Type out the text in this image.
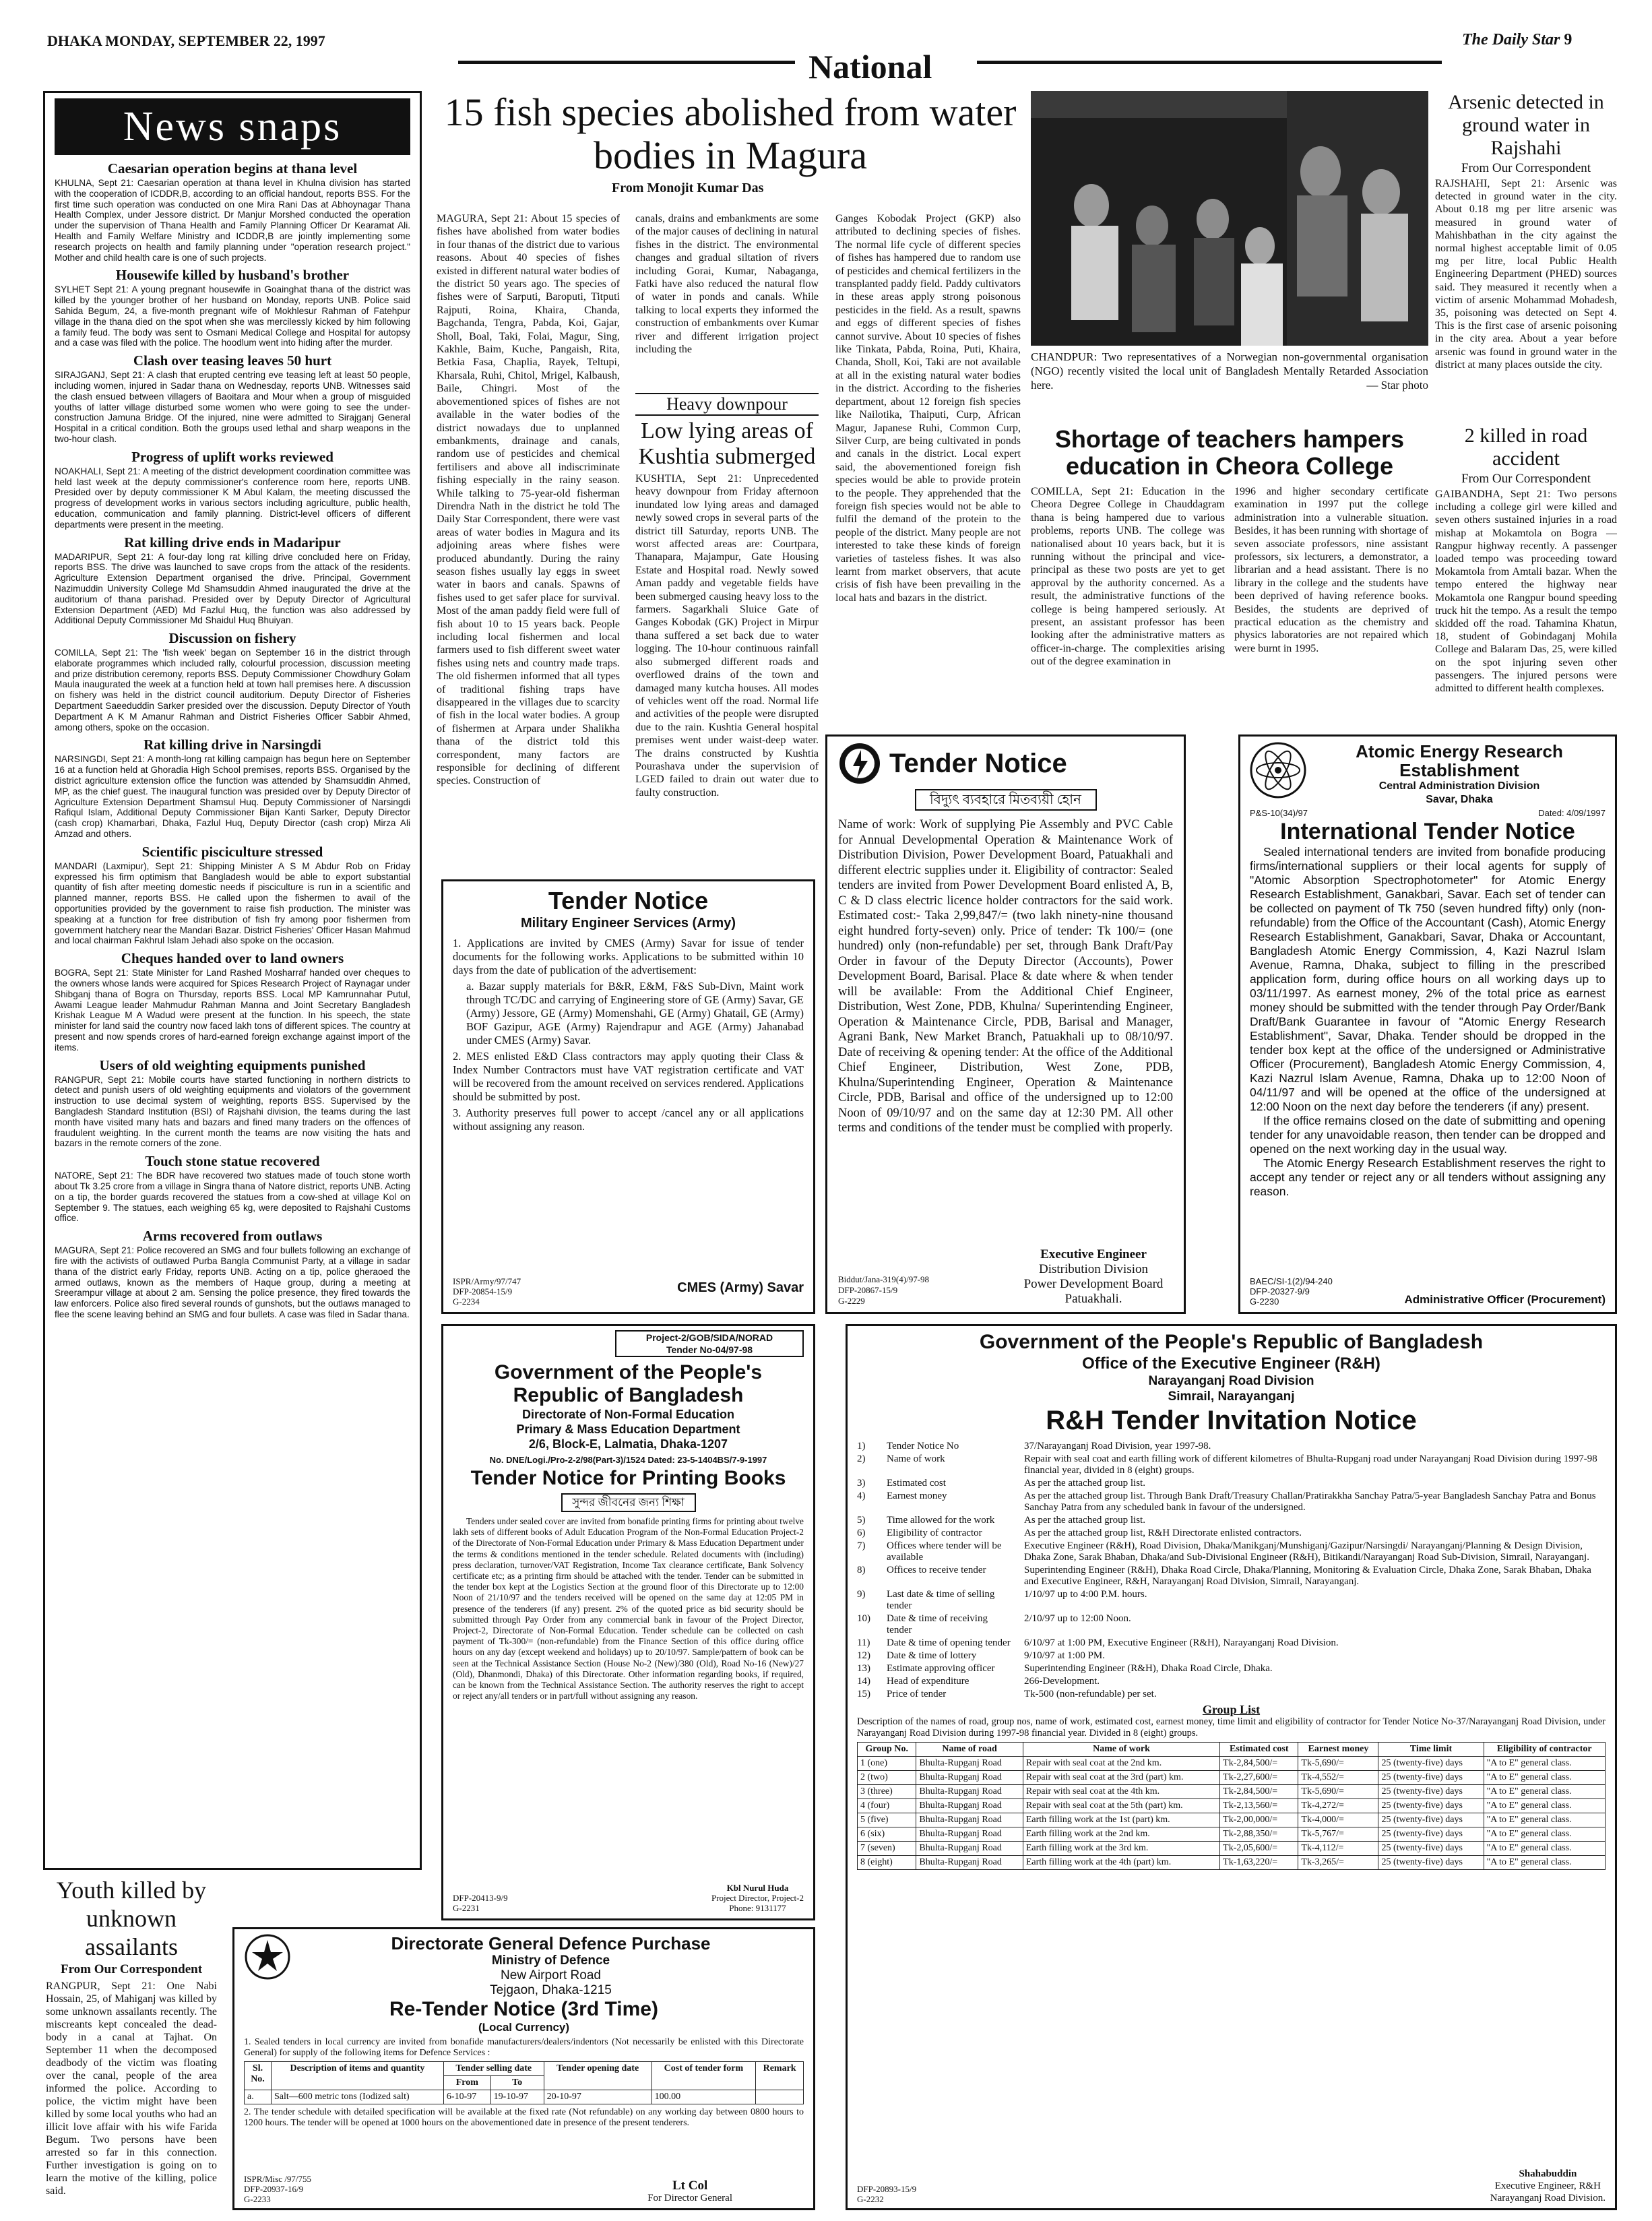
DHAKA MONDAY, SEPTEMBER 22, 1997
National
The Daily Star 9
News snaps
Caesarian operation begins at thana level
KHULNA, Sept 21: Caesarian operation at thana level in Khulna division has started with the cooperation of ICDDR,B, according to an official handout, reports BSS. For the first time such operation was conducted on one Mira Rani Das at Abhoynagar Thana Health Complex, under Jessore district. Dr Manjur Morshed conducted the operation under the supervision of Thana Health and Family Planning Officer Dr Kearamat Ali. Health and Family Welfare Ministry and ICDDR,B are jointly implementing some research projects on health and family planning under "operation research project." Mother and child health care is one of such projects.
Housewife killed by husband's brother
SYLHET Sept 21: A young pregnant housewife in Goainghat thana of the district was killed by the younger brother of her husband on Monday, reports UNB. Police said Sahida Begum, 24, a five-month pregnant wife of Mokhlesur Rahman of Fatehpur village in the thana died on the spot when she was mercilessly kicked by him following a family feud. The body was sent to Osmani Medical College and Hospital for autopsy and a case was filed with the police. The hoodlum went into hiding after the murder.
Clash over teasing leaves 50 hurt
SIRAJGANJ, Sept 21: A clash that erupted centring eve teasing left at least 50 people, including women, injured in Sadar thana on Wednesday, reports UNB. Witnesses said the clash ensued between villagers of Baoitara and Mour when a group of misguided youths of latter village disturbed some women who were going to see the under-construction Jamuna Bridge. Of the injured, nine were admitted to Sirajganj General Hospital in a critical condition. Both the groups used lethal and sharp weapons in the two-hour clash.
Progress of uplift works reviewed
NOAKHALI, Sept 21: A meeting of the district development coordination committee was held last week at the deputy commissioner's conference room here, reports UNB. Presided over by deputy commissioner K M Abul Kalam, the meeting discussed the progress of development works in various sectors including agriculture, public health, education, communication and family planning. District-level officers of different departments were present in the meeting.
Rat killing drive ends in Madaripur
MADARIPUR, Sept 21: A four-day long rat killing drive concluded here on Friday, reports BSS. The drive was launched to save crops from the attack of the residents. Agriculture Extension Department organised the drive. Principal, Government Nazimuddin University College Md Shamsuddin Ahmed inaugurated the drive at the auditorium of thana parishad. Presided over by Deputy Director of Agricultural Extension Department (AED) Md Fazlul Huq, the function was also addressed by Additional Deputy Commissioner Md Shaidul Huq Bhuiyan.
Discussion on fishery
COMILLA, Sept 21: The 'fish week' began on September 16 in the district through elaborate programmes which included rally, colourful procession, discussion meeting and prize distribution ceremony, reports BSS. Deputy Commissioner Chowdhury Golam Maula inaugurated the week at a function held at town hall premises here. A discussion on fishery was held in the district council auditorium. Deputy Director of Fisheries Department Saeeduddin Sarker presided over the discussion. Deputy Director of Youth Department A K M Amanur Rahman and District Fisheries Officer Sabbir Ahmed, among others, spoke on the occasion.
Rat killing drive in Narsingdi
NARSINGDI, Sept 21: A month-long rat killing campaign has begun here on September 16 at a function held at Ghoradia High School premises, reports BSS. Organised by the district agriculture extension office the function was attended by Shamsuddin Ahmed, MP, as the chief guest. The inaugural function was presided over by Deputy Director of Agriculture Extension Department Shamsul Huq. Deputy Commissioner of Narsingdi Rafiqul Islam, Additional Deputy Commissioner Bijan Kanti Sarker, Deputy Director (cash crop) Khamarbari, Dhaka, Fazlul Huq, Deputy Director (cash crop) Mirza Ali Amzad and others.
Scientific pisciculture stressed
MANDARI (Laxmipur), Sept 21: Shipping Minister A S M Abdur Rob on Friday expressed his firm optimism that Bangladesh would be able to export substantial quantity of fish after meeting domestic needs if pisciculture is run in a scientific and planned manner, reports BSS. He called upon the fishermen to avail of the opportunities provided by the government to raise fish production. The minister was speaking at a function for free distribution of fish fry among poor fishermen from government hatchery near the Mandari Bazar. District Fisheries' Officer Hasan Mahmud and local chairman Fakhrul Islam Jehadi also spoke on the occasion.
Cheques handed over to land owners
BOGRA, Sept 21: State Minister for Land Rashed Mosharraf handed over cheques to the owners whose lands were acquired for Spices Research Project of Raynagar under Shibganj thana of Bogra on Thursday, reports BSS. Local MP Kamrunnahar Putul, Awami League leader Mahmudur Rahman Manna and Joint Secretary Bangladesh Krishak League M A Wadud were present at the function. In his speech, the state minister for land said the country now faced lakh tons of different spices. The country at present and now spends crores of hard-earned foreign exchange against import of the items.
Users of old weighting equipments punished
RANGPUR, Sept 21: Mobile courts have started functioning in northern districts to detect and punish users of old weighting equipments and violators of the government instruction to use decimal system of weighting, reports BSS. Supervised by the Bangladesh Standard Institution (BSI) of Rajshahi division, the teams during the last month have visited many hats and bazars and fined many traders on the offences of fraudulent weighting. In the current month the teams are now visiting the hats and bazars in the remote corners of the zone.
Touch stone statue recovered
NATORE, Sept 21: The BDR have recovered two statues made of touch stone worth about Tk 3.25 crore from a village in Singra thana of Natore district, reports UNB. Acting on a tip, the border guards recovered the statues from a cow-shed at village Kol on September 9. The statues, each weighing 65 kg, were deposited to Rajshahi Customs office.
Arms recovered from outlaws
MAGURA, Sept 21: Police recovered an SMG and four bullets following an exchange of fire with the activists of outlawed Purba Bangla Communist Party, at a village in sadar thana of the district early Friday, reports UNB. Acting on a tip, police gheraoed the armed outlaws, known as the members of Haque group, during a meeting at Sreerampur village at about 2 am. Sensing the police presence, they fired towards the law enforcers. Police also fired several rounds of gunshots, but the outlaws managed to flee the scene leaving behind an SMG and four bullets. A case was filed in Sadar thana.
Youth killed by unknown assailants
From Our Correspondent
RANGPUR, Sept 21: One Nabi Hossain, 25, of Mahiganj was killed by some unknown assailants recently. The miscreants kept concealed the dead-body in a canal at Tajhat. On September 11 when the decomposed deadbody of the victim was floating over the canal, people of the area informed the police. According to police, the victim might have been killed by some local youths who had an illicit love affair with his wife Farida Begum. Two persons have been arrested so far in this connection. Further investigation is going on to learn the motive of the killing, police said.
15 fish species abolished from water bodies in Magura
From Monojit Kumar Das
MAGURA, Sept 21: About 15 species of fishes have abolished from water bodies in four thanas of the district due to various reasons. About 40 species of fishes existed in different natural water bodies of the district 50 years ago. The species of fishes were of Sarputi, Baroputi, Titputi Rajputi, Roina, Khaira, Chanda, Bagchanda, Tengra, Pabda, Koi, Gajar, Sholl, Boal, Taki, Folai, Magur, Sing, Kakhle, Baim, Kuche, Pangaish, Rita, Betkia Fasa, Chaplia, Rayek, Teltupi, Kharsala, Ruhi, Chitol, Mrigel, Kalbaush, Baile, Chingri. Most of the abovementioned spices of fishes are not available in the water bodies of the district nowadays due to unplanned embankments, drainage and canals, random use of pesticides and chemical fertilisers and above all indiscriminate fishing especially in the rainy season. While talking to 75-year-old fisherman Direndra Nath in the district he told The Daily Star Correspondent, there were vast areas of water bodies in Magura and its adjoining areas where fishes were produced abundantly. During the rainy season fishes usually lay eggs in sweet water in baors and canals. Spawns of fishes used to get safer place for survival. Most of the aman paddy field were full of fish about 10 to 15 years back. People including local fishermen and local farmers used to fish different sweet water fishes using nets and country made traps. The old fishermen informed that all types of traditional fishing traps have disappeared in the villages due to scarcity of fish in the local water bodies. A group of fishermen at Arpara under Shalikha thana of the district told this correspondent, many factors are responsible for declining of different species. Construction of
canals, drains and embankments are some of the major causes of declining in natural fishes in the district. The environmental changes and gradual siltation of rivers including Gorai, Kumar, Nabaganga, Fatki have also reduced the natural flow of water in ponds and canals. While talking to local experts they informed the construction of embankments over Kumar river and different irrigation project including the
Ganges Kobodak Project (GKP) also attributed to declining species of fishes. The normal life cycle of different species of fishes has hampered due to random use of pesticides and chemical fertilizers in the transplanted paddy field. Paddy cultivators in these areas apply strong poisonous pesticides in the field. As a result, spawns and eggs of different species of fishes cannot survive. About 10 species of fishes like Tinkata, Pabda, Roina, Puti, Khaira, Chanda, Sholl, Koi, Taki are not available at all in the existing natural water bodies in the district. According to the fisheries department, about 12 foreign fish species like Nailotika, Thaiputi, Curp, African Magur, Japanese Ruhi, Common Curp, Silver Curp, are being cultivated in ponds and canals in the district. Local expert said, the abovementioned foreign fish species would be able to provide protein to the people. They apprehended that the foreign fish species would not be able to fulfil the demand of the protein to the people of the district. Many people are not interested to take these kinds of foreign varieties of tasteless fishes. It was also learnt from market observers, that acute crisis of fish have been prevailing in the local hats and bazars in the district.
Heavy downpour
Low lying areas of Kushtia submerged
KUSHTIA, Sept 21: Unprecedented heavy downpour from Friday afternoon inundated low lying areas and damaged newly sowed crops in several parts of the district till Saturday, reports UNB. The worst affected areas are: Courtpara, Thanapara, Majampur, Gate Housing Estate and Hospital road. Newly sowed Aman paddy and vegetable fields have been submerged causing heavy loss to the farmers. Sagarkhali Sluice Gate of Ganges Kobodak (GK) Project in Mirpur thana suffered a set back due to water logging. The 10-hour continuous rainfall also submerged different roads and overflowed drains of the town and damaged many kutcha houses. All modes of vehicles went off the road. Normal life and activities of the people were disrupted due to the rain. Kushtia General hospital premises went under waist-deep water. The drains constructed by Kushtia Pourashava under the supervision of LGED failed to drain out water due to faulty construction.
CHANDPUR: Two representatives of a Norwegian non-governmental organisation (NGO) recently visited the local unit of Bangladesh Mentally Retarded Association here.	— Star photo
Shortage of teachers hampers education in Cheora College
COMILLA, Sept 21: Education in the Cheora Degree College in Chauddagram thana is being hampered due to various problems, reports UNB. The college was nationalised about 10 years back, but it is running without the principal and vice-principal as these two posts are yet to get approval by the authority concerned. As a result, the administrative functions of the college is being hampered seriously. At present, an assistant professor has been looking after the administrative matters as officer-in-charge. The complexities arising out of the degree examination in
1996 and higher secondary certificate examination in 1997 put the college administration into a vulnerable situation. Besides, it has been running with shortage of seven associate professors, nine assistant professors, six lecturers, a demonstrator, a librarian and a head assistant. There is no library in the college and the students have been deprived of having reference books. Besides, the students are deprived of practical education as the chemistry and physics laboratories are not repaired which were burnt in 1995.
Arsenic detected in ground water in Rajshahi
From Our Correspondent
RAJSHAHI, Sept 21: Arsenic was detected in ground water in the city. About 0.18 mg per litre arsenic was measured in ground water of Mahishbathan in the city against the normal highest acceptable limit of 0.05 mg per litre, local Public Health Engineering Department (PHED) sources said. They measured it recently when a victim of arsenic Mohammad Mohadesh, 35, poisoning was detected on Sept 4. This is the first case of arsenic poisoning in the city area. About a year before arsenic was found in ground water in the district at many places outside the city.
2 killed in road accident
From Our Correspondent
GAIBANDHA, Sept 21: Two persons including a college girl were killed and seven others sustained injuries in a road mishap at Mokamtola on Bogra — Rangpur highway recently. A passenger loaded tempo was proceeding toward Mokamtola from Amtali bazar. When the tempo entered the highway near Mokamtola one Rangpur bound speeding truck hit the tempo. As a result the tempo skidded off the road. Tahamina Khatun, 18, student of Gobindaganj Mohila College and Balaram Das, 25, were killed on the spot injuring seven other passengers. The injured persons were admitted to different health complexes.
Tender Notice
Military Engineer Services (Army)
1. Applications are invited by CMES (Army) Savar for issue of tender documents for the following works. Applications to be submitted within 10 days from the date of publication of the advertisement:
a. Bazar supply materials for B&R, E&M, F&S Sub-Divn, Maint work through TC/DC and carrying of Engineering store of GE (Army) Savar, GE (Army) Jessore, GE (Army) Momenshahi, GE (Army) Ghatail, GE (Army) BOF Gazipur, AGE (Army) Rajendrapur and AGE (Army) Jahanabad under CMES (Army) Savar.
2. MES enlisted E&D Class contractors may apply quoting their Class & Index Number Contractors must have VAT registration certificate and VAT will be recovered from the amount received on services rendered. Applications should be submitted by post.
3. Authority preserves full power to accept /cancel any or all applications without assigning any reason.
ISPR/Army/97/747
DFP-20854-15/9
G-2234
CMES (Army) Savar
Tender Notice
বিদ্যুৎ ব্যবহারে মিতব্যয়ী হোন
Name of work: Work of supplying Pie Assembly and PVC Cable for Annual Developmental Operation & Maintenance Work of Distribution Division, Power Development Board, Patuakhali and different electric supplies under it. Eligibility of contractor: Sealed tenders are invited from Power Development Board enlisted A, B, C & D class electric licence holder contractors for the said work. Estimated cost:- Taka 2,99,847/= (two lakh ninety-nine thousand eight hundred forty-seven) only. Price of tender: Tk 100/= (one hundred) only (non-refundable) per set, through Bank Draft/Pay Order in favour of the Deputy Director (Accounts), Power Development Board, Barisal. Place & date where & when tender will be available: From the Additional Chief Engineer, Distribution, West Zone, PDB, Khulna/ Superintending Engineer, Operation & Maintenance Circle, PDB, Barisal and Manager, Agrani Bank, New Market Branch, Patuakhali up to 08/10/97. Date of receiving & opening tender: At the office of the Additional Chief Engineer, Distribution, West Zone, PDB, Khulna/Superintending Engineer, Operation & Maintenance Circle, PDB, Barisal and office of the undersigned up to 12:00 Noon of 09/10/97 and on the same day at 12:30 PM. All other terms and conditions of the tender must be complied with properly.
Biddut/Jana-319(4)/97-98
DFP-20867-15/9
G-2229
Executive Engineer
Distribution Division
Power Development Board
Patuakhali.
Atomic Energy Research
Establishment
Central Administration Division
Savar, Dhaka
P&S-10(34)/97	Dated: 4/09/1997
International Tender Notice
Sealed international tenders are invited from bonafide producing firms/international suppliers or their local agents for supply of "Atomic Absorption Spectrophotometer" for Atomic Energy Research Establishment, Ganakbari, Savar. Each set of tender can be collected on payment of Tk 750 (seven hundred fifty) only (non-refundable) from the Office of the Accountant (Cash), Atomic Energy Research Establishment, Ganakbari, Savar, Dhaka or Accountant, Bangladesh Atomic Energy Commission, 4, Kazi Nazrul Islam Avenue, Ramna, Dhaka, subject to filling in the prescribed application form, during office hours on all working days up to 03/11/1997. As earnest money, 2% of the total price as earnest money should be submitted with the tender through Pay Order/Bank Draft/Bank Guarantee in favour of "Atomic Energy Research Establishment", Savar, Dhaka. Tender should be dropped in the tender box kept at the office of the undersigned or Administrative Officer (Procurement), Bangladesh Atomic Energy Commission, 4, Kazi Nazrul Islam Avenue, Ramna, Dhaka up to 12:00 Noon of 04/11/97 and will be opened at the office of the undersigned at 12:00 Noon on the next day before the tenderers (if any) present.
If the office remains closed on the date of submitting and opening tender for any unavoidable reason, then tender can be dropped and opened on the next working day in the usual way.
The Atomic Energy Research Establishment reserves the right to accept any tender or reject any or all tenders without assigning any reason.
BAEC/SI-1(2)/94-240
DFP-20327-9/9
G-2230	Administrative Officer (Procurement)
Project-2/GOB/SIDA/NORAD
Tender No-04/97-98
Government of the People's
Republic of Bangladesh
Directorate of Non-Formal Education
Primary & Mass Education Department
2/6, Block-E, Lalmatia, Dhaka-1207
No. DNE/Logi./Pro-2-2/98(Part-3)/1524 Dated: 23-5-1404BS/7-9-1997
Tender Notice for Printing Books
সুন্দর জীবনের জন্য শিক্ষা
Tenders under sealed cover are invited from bonafide printing firms for printing about twelve lakh sets of different books of Adult Education Program of the Non-Formal Education Project-2 of the Directorate of Non-Formal Education under Primary & Mass Education Department under the terms & conditions mentioned in the tender schedule. Related documents with (including) press declaration, turnover/VAT Registration, Income Tax clearance certificate, Bank Solvency certificate etc; as a printing firm should be attached with the tender. Tender can be submitted in the tender box kept at the Logistics Section at the ground floor of this Directorate up to 12:00 Noon of 21/10/97 and the tenders received will be opened on the same day at 12:05 PM in presence of the tenderers (if any) present. 2% of the quoted price as bid security should be submitted through Pay Order from any commercial bank in favour of the Project Director, Project-2, Directorate of Non-Formal Education. Tender schedule can be collected on cash payment of Tk-300/= (non-refundable) from the Finance Section of this office during office hours on any day (except weekend and holidays) up to 20/10/97. Sample/pattern of book can be seen at the Technical Assistance Section (House No-2 (New)/380 (Old), Road No-16 (New)/27 (Old), Dhanmondi, Dhaka) of this Directorate. Other information regarding books, if required, can be known from the Technical Assistance Section. The authority reserves the right to accept or reject any/all tenders or in part/full without assigning any reason.
DFP-20413-9/9
G-2231
Kbl Nurul Huda
Project Director, Project-2
Phone: 9131177
Directorate General Defence Purchase
Ministry of Defence
New Airport Road
Tejgaon, Dhaka-1215
Re-Tender Notice (3rd Time)
(Local Currency)
1. Sealed tenders in local currency are invited from bonafide manufacturers/dealers/indentors (Not necessarily be enlisted with this Directorate General) for supply of the following items for Defence Services :
Sl. No.	Description of items and quantity	Tender selling date		Tender opening date	Cost of tender form	Remark
		From	To			
a.	Salt—600 metric tons (Iodized salt)	6-10-97	19-10-97	20-10-97	100.00	
2. The tender schedule with detailed specification will be available at the fixed rate (Not refundable) on any working day between 0800 hours to 1200 hours. The tender will be opened at 1000 hours on the abovementioned date in presence of the present tenderers.
ISPR/Misc /97/755
DFP-20937-16/9
G-2233
Lt Col
For Director General
Government of the People's Republic of Bangladesh
Office of the Executive Engineer (R&H)
Narayanganj Road Division
Simrail, Narayanganj
R&H Tender Invitation Notice
1)	Tender Notice No	37/Narayanganj Road Division, year 1997-98.
2)	Name of work	Repair with seal coat and earth filling work of different kilometres of Bhulta-Rupganj road under Narayanganj Road Division during 1997-98 financial year, divided in 8 (eight) groups.
3)	Estimated cost	As per the attached group list.
4)	Earnest money	As per the attached group list. Through Bank Draft/Treasury Challan/Pratirakkha Sanchay Patra/5-year Bangladesh Sanchay Patra and Bonus Sanchay Patra from any scheduled bank in favour of the undersigned.
5)	Time allowed for the work	As per the attached group list.
6)	Eligibility of contractor	As per the attached group list, R&H Directorate enlisted contractors.
7)	Offices where tender will be available
Executive Engineer (R&H), Road Division, Dhaka/Manikganj/Munshiganj/Gazipur/Narsingdi/ Narayanganj/Planning & Design Division, Dhaka Zone, Sarak Bhaban, Dhaka/and Sub-Divisional Engineer (R&H), Bitikandi/Narayanganj Road Sub-Division, Simrail, Narayanganj.
8)	Offices to receive tender	Superintending Engineer (R&H), Dhaka Road Circle, Dhaka/Planning, Monitoring & Evaluation Circle, Dhaka Zone, Sarak Bhaban, Dhaka and Executive Engineer, R&H, Narayanganj Road Division, Simrail, Narayanganj.
9)	Last date & time of selling tender
1/10/97 up to 4:00 P.M. hours.
10)	Date & time of receiving tender
2/10/97 up to 12:00 Noon.
11)	Date & time of opening tender	6/10/97 at 1:00 PM, Executive Engineer (R&H), Narayanganj Road Division.
12)	Date & time of lottery	9/10/97 at 1:00 PM.
13)	Estimate approving officer	Superintending Engineer (R&H), Dhaka Road Circle, Dhaka.
14)	Head of expenditure	266-Development.
15)	Price of tender	Tk-500 (non-refundable) per set.
Group List
Description of the names of road, group nos, name of work, estimated cost, earnest money, time limit and eligibility of contractor for Tender Notice No-37/Narayanganj Road Division, under Narayanganj Road Division during 1997-98 financial year. Divided in 8 (eight) groups.
Group No.	Name of road	Name of work	Estimated cost	Earnest money	Time limit	Eligibility of contractor
1 (one)	Bhulta-Rupganj Road	Repair with seal coat at the 2nd km.	Tk-2,84,500/=	Tk-5,690/=	25 (twenty-five) days	"A to E" general class.
2 (two)	Bhulta-Rupganj Road	Repair with seal coat at the 3rd (part) km.	Tk-2,27,600/=	Tk-4,552/=	25 (twenty-five) days	"A to E" general class.
3 (three)	Bhulta-Rupganj Road	Repair with seal coat at the 4th km.	Tk-2,84,500/=	Tk-5,690/=	25 (twenty-five) days	"A to E" general class.
4 (four)	Bhulta-Rupganj Road	Repair with seal coat at the 5th (part) km.	Tk-2,13,560/=	Tk-4,272/=	25 (twenty-five) days	"A to E" general class.
5 (five)	Bhulta-Rupganj Road	Earth filling work at the 1st (part) km.	Tk-2,00,000/=	Tk-4,000/=	25 (twenty-five) days	"A to E" general class.
6 (six)	Bhulta-Rupganj Road	Earth filling work at the 2nd km.	Tk-2,88,350/=	Tk-5,767/=	25 (twenty-five) days	"A to E" general class.
7 (seven)	Bhulta-Rupganj Road	Earth filling work at the 3rd km.	Tk-2,05,600/=	Tk-4,112/=	25 (twenty-five) days	"A to E" general class.
8 (eight)	Bhulta-Rupganj Road	Earth filling work at the 4th (part) km.	Tk-1,63,220/=	Tk-3,265/=	25 (twenty-five) days	"A to E" general class.
DFP-20893-15/9
G-2232
Shahabuddin
Executive Engineer, R&H
Narayanganj Road Division.
